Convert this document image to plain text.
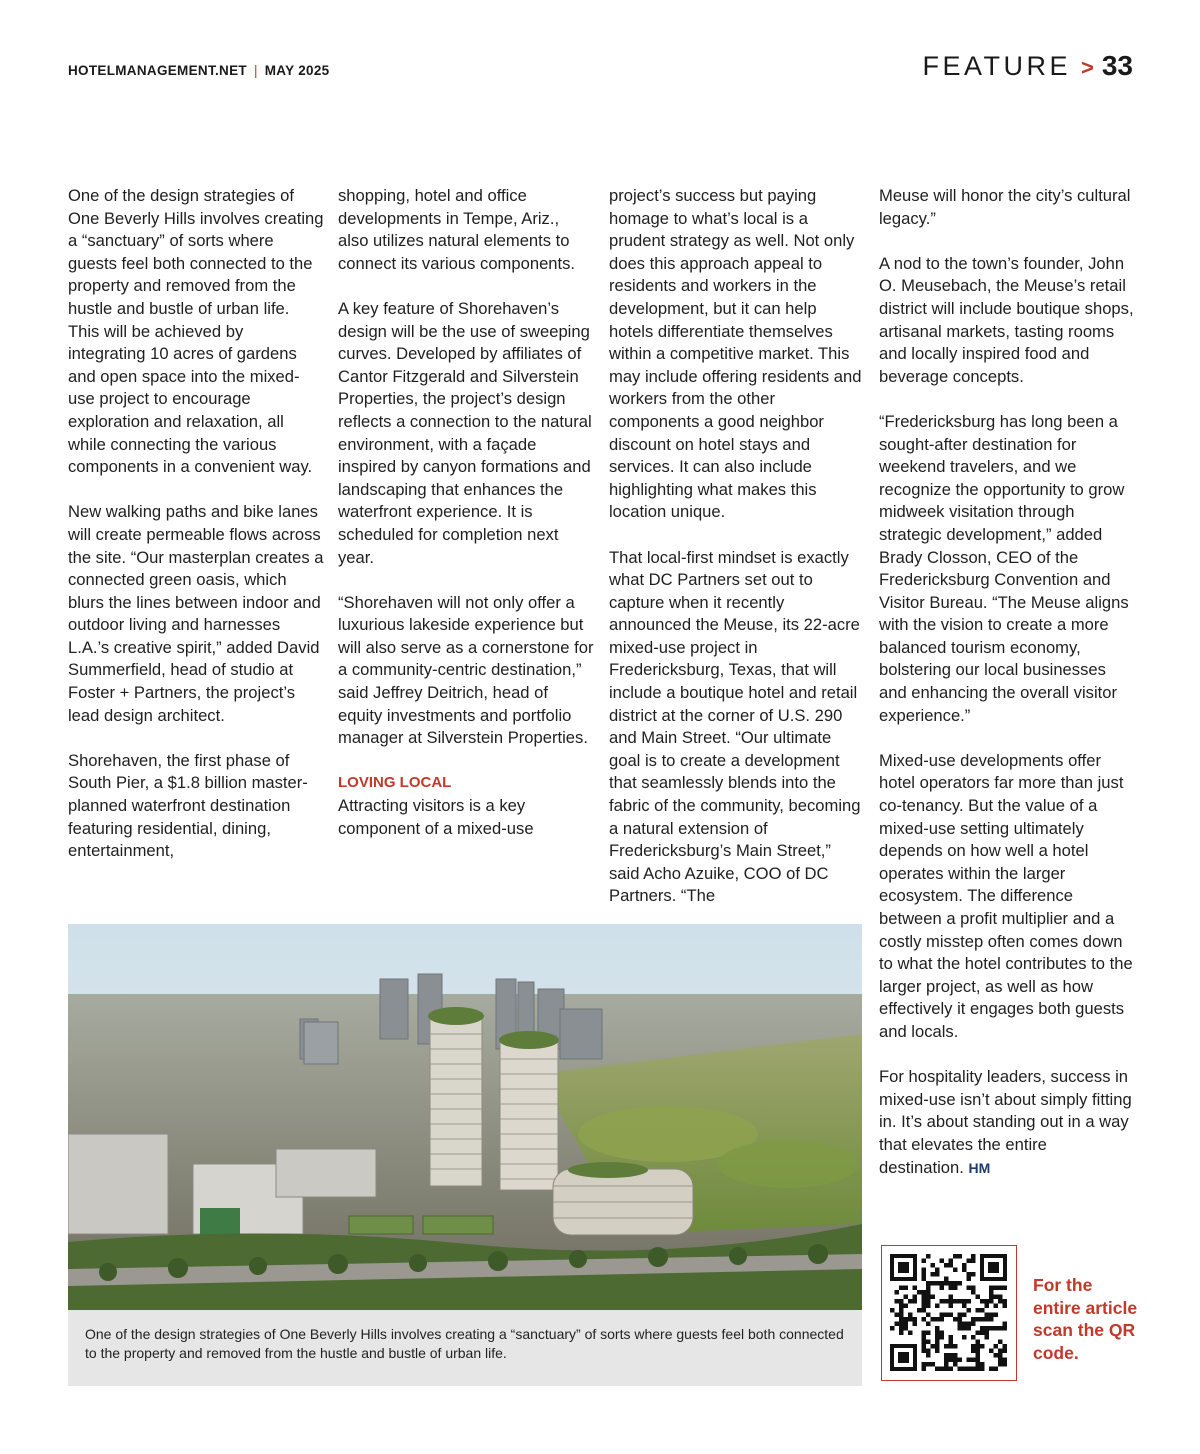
HOTELMANAGEMENT.NET | MAY 2025	FEATURE > 33

One of the design strategies of One Beverly Hills involves creating a “sanctuary” of sorts where guests feel both connected to the property and removed from the hustle and bustle of urban life. This will be achieved by integrating 10 acres of gardens and open space into the mixed-use project to encourage exploration and relaxation, all while connecting the various components in a convenient way.

New walking paths and bike lanes will create permeable flows across the site. “Our masterplan creates a connected green oasis, which blurs the lines between indoor and outdoor living and harnesses L.A.’s creative spirit,” added David Summerfield, head of studio at Foster + Partners, the project’s lead design architect.

Shorehaven, the first phase of South Pier, a $1.8 billion master-planned waterfront destination featuring residential, dining, entertainment,

shopping, hotel and office developments in Tempe, Ariz., also utilizes natural elements to connect its various components.

A key feature of Shorehaven’s design will be the use of sweeping curves. Developed by affiliates of Cantor Fitzgerald and Silverstein Properties, the project’s design reflects a connection to the natural environment, with a façade inspired by canyon formations and landscaping that enhances the waterfront experience. It is scheduled for completion next year.

“Shorehaven will not only offer a luxurious lakeside experience but will also serve as a cornerstone for a community-centric destination,” said Jeffrey Deitrich, head of equity investments and portfolio manager at Silverstein Properties.

LOVING LOCAL
Attracting visitors is a key component of a mixed-use

project’s success but paying homage to what’s local is a prudent strategy as well. Not only does this approach appeal to residents and workers in the development, but it can help hotels differentiate themselves within a competitive market. This may include offering residents and workers from the other components a good neighbor discount on hotel stays and services. It can also include highlighting what makes this location unique.

That local-first mindset is exactly what DC Partners set out to capture when it recently announced the Meuse, its 22-acre mixed-use project in Fredericksburg, Texas, that will include a boutique hotel and retail district at the corner of U.S. 290 and Main Street. “Our ultimate goal is to create a development that seamlessly blends into the fabric of the community, becoming a natural extension of Fredericksburg’s Main Street,” said Acho Azuike, COO of DC Partners. “The

Meuse will honor the city’s cultural legacy.”

A nod to the town’s founder, John O. Meusebach, the Meuse’s retail district will include boutique shops, artisanal markets, tasting rooms and locally inspired food and beverage concepts.

“Fredericksburg has long been a sought-after destination for weekend travelers, and we recognize the opportunity to grow midweek visitation through strategic development,” added Brady Closson, CEO of the Fredericksburg Convention and Visitor Bureau. “The Meuse aligns with the vision to create a more balanced tourism economy, bolstering our local businesses and enhancing the overall visitor experience.”

Mixed-use developments offer hotel operators far more than just co-tenancy. But the value of a mixed-use setting ultimately depends on how well a hotel operates within the larger ecosystem. The difference between a profit multiplier and a costly misstep often comes down to what the hotel contributes to the larger project, as well as how effectively it engages both guests and locals.

For hospitality leaders, success in mixed-use isn’t about simply fitting in. It’s about standing out in a way that elevates the entire destination. HM

One of the design strategies of One Beverly Hills involves creating a “sanctuary” of sorts where guests feel both connected to the property and removed from the hustle and bustle of urban life.
For the entire article scan the QR code.
